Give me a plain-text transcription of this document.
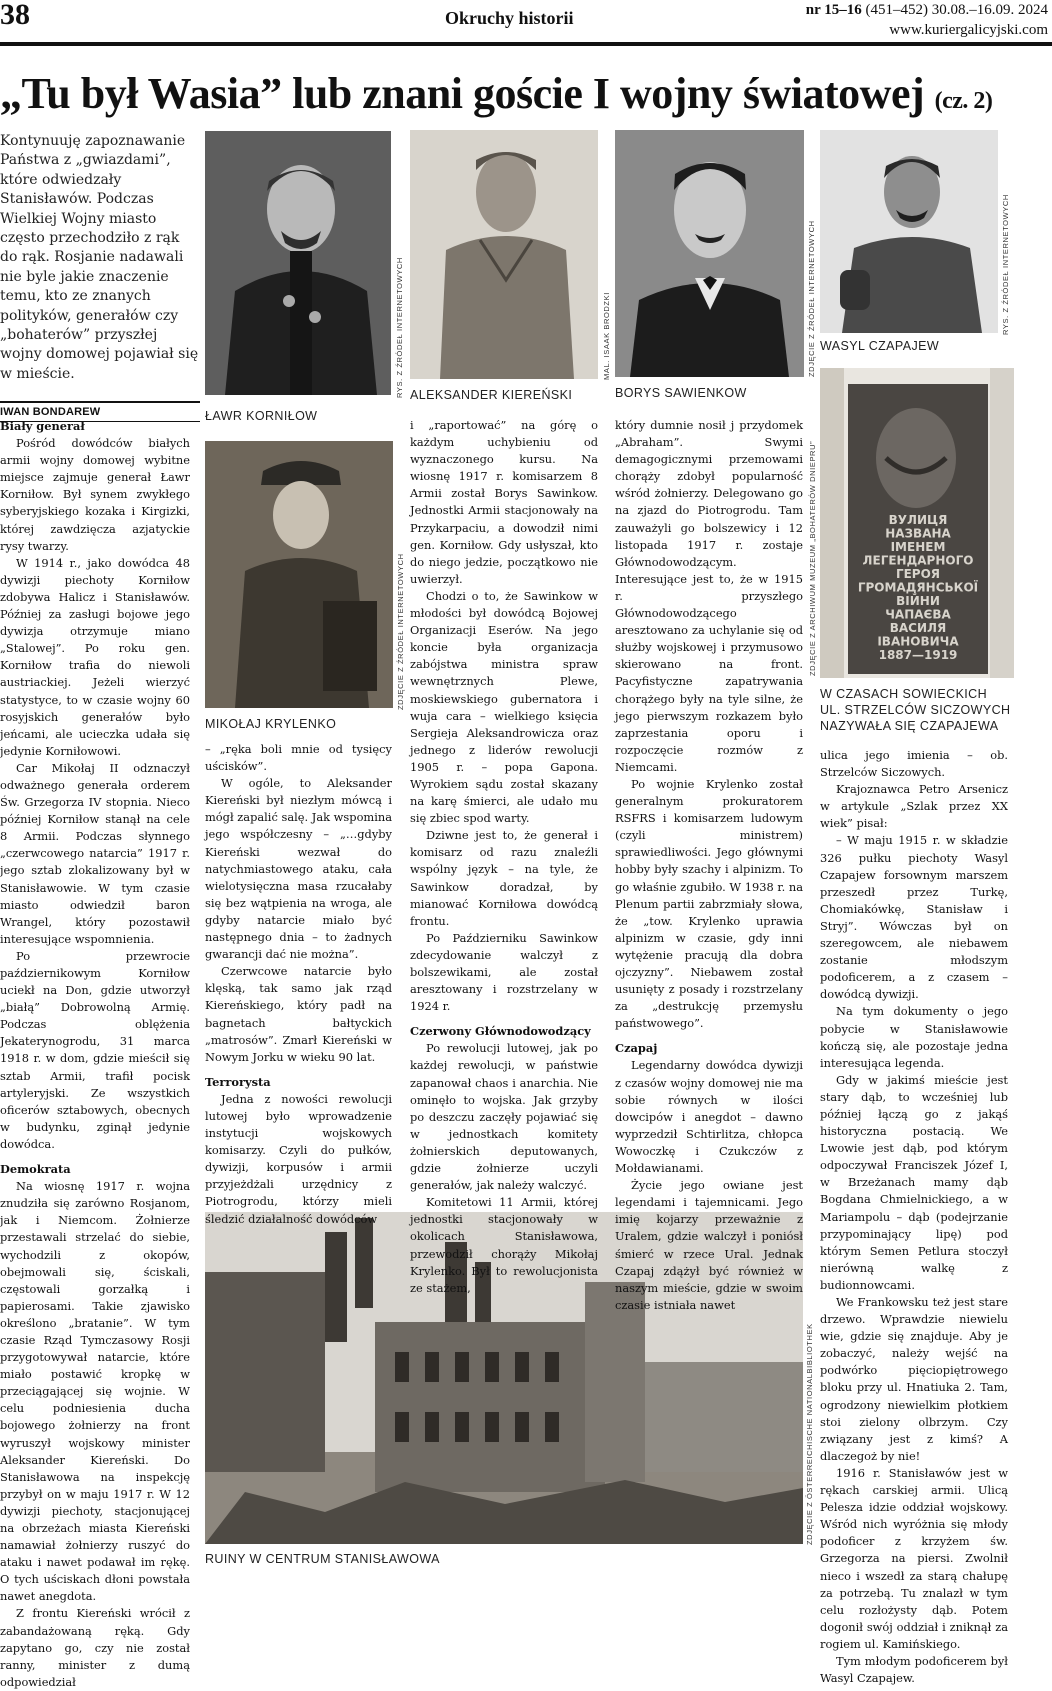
38	Okruchy historii	nr 15–16 (451–452) 30.08.–16.09. 2024
www.kuriergalicyjski.com
„Tu był Wasia” lub znani goście I wojny światowej (cz. 2)
Kontynuuję zapoznawanie Państwa z „gwiazdami”, które odwiedzały Stanisławów. Podczas Wielkiej Wojny miasto często przechodziło z rąk do rąk. Rosjanie nadawali nie byle jakie znaczenie temu, kto ze znanych polityków, generałów czy „bohaterów” przyszłej wojny domowej pojawiał się w mieście.
IWAN BONDAREW	ŁAWR KORNIŁOW
RYS. Z ŹRÓDEŁ INTERNETOWYCH ALEKSANDER KIEREŃSKI
MAL. ISAAK BRODZKI
BORYS SAWIENKOW
ZDJĘCIE Z ŹRÓDEŁ INTERNETOWYCH WASYL CZAPAJEW
RYS. Z ŹRÓDEŁ INTERNETOWYCH
MIKOŁAJ KRYLENKO
ZDJĘCIE Z ŹRÓDEŁ INTERNETOWYCH
ВУЛИЦЯ
НАЗВАНА
ІМЕНЕМ
ЛЕГЕНДАРНОГО
ГЕРОЯ
ГРОМАДЯНСЬКОЇ
ВІЙНИ
ЧАПАЄВА
ВАСИЛЯ
ІВАНОВИЧА
1887—1919
W CZASACH SOWIECKICH
UL. STRZELCÓW SICZOWYCH
NAZYWAŁA SIĘ CZAPAJEWA
ZDJĘCIE Z ARCHIWUM MUZEUM „BOHATERÓW DNIEPRU”
RUINY W CENTRUM STANISŁAWOWA
ZDJĘCIE Z ÖSTERREICHISCHE NATIONALBIBLIOTHEK
Biały generał

Pośród dowódców białych armii wojny domowej wybitne miejsce zajmuje generał Ławr Korniłow. Był synem zwykłego syberyjskiego kozaka i Kirgizki, której zawdzięcza azjatyckie rysy twarzy.

W 1914 r., jako dowódca 48 dywizji piechoty Korniłow zdobywa Halicz i Stanisławów. Później za zasługi bojowe jego dywizja otrzymuje miano „Stalowej”. Po roku gen. Korniłow trafia do niewoli austriackiej. Jeżeli wierzyć statystyce, to w czasie wojny 60 rosyjskich generałów było jeńcami, ale ucieczka udała się jedynie Korniłowowi.

Car Mikołaj II odznaczył odważnego generała orderem Św. Grzegorza IV stopnia. Nieco później Korniłow stanął na cele 8 Armii. Podczas słynnego „czerwcowego natarcia” 1917 r. jego sztab zlokalizowany był w Stanisławowie. W tym czasie miasto odwiedził baron Wrangel, który pozostawił interesujące wspomnienia.

Po przewrocie październikowym Korniłow uciekł na Don, gdzie utworzył „białą” Dobrowolną Armię. Podczas oblężenia Jekaterynogrodu, 31 marca 1918 r. w dom, gdzie mieścił się sztab Armii, trafił pocisk artyleryjski. Ze wszystkich oficerów sztabowych, obecnych w budynku, zginął jedynie dowódca.

Demokrata

Na wiosnę 1917 r. wojna znudziła się zarówno Rosjanom, jak i Niemcom. Żołnierze przestawali strzelać do siebie, wychodzili z okopów, obejmowali się, ściskali, częstowali gorzałką i papierosami. Takie zjawisko określono „bratanie”. W tym czasie Rząd Tymczasowy Rosji przygotowywał natarcie, które miało postawić kropkę w przeciągającej się wojnie. W celu podniesienia ducha bojowego żołnierzy na front wyruszył wojskowy minister Aleksander Kiereński. Do Stanisławowa na inspekcję przybył on w maju 1917 r. W 12 dywizji piechoty, stacjonującej na obrzeżach miasta Kiereński namawiał żołnierzy ruszyć do ataku i nawet podawał im rękę. O tych uściskach dłoni powstała nawet anegdota.

Z frontu Kiereński wrócił z zabandażowaną ręką. Gdy zapytano go, czy nie został ranny, minister z dumą odpowiedział

– „ręka boli mnie od tysięcy uścisków”.

W ogóle, to Aleksander Kiereński był niezłym mówcą i mógł zapalić salę. Jak wspomina jego współczesny – „…gdyby Kiereński wezwał do natychmiastowego ataku, cała wielotysięczna masa rzucałaby się bez wątpienia na wroga, ale gdyby natarcie miało być następnego dnia – to żadnych gwarancji dać nie można”.

Czerwcowe natarcie było klęską, tak samo jak rząd Kiereńskiego, który padł na bagnetach bałtyckich „matrosów”. Zmarł Kiereński w Nowym Jorku w wieku 90 lat.

Terrorysta

Jedna z nowości rewolucji lutowej było wprowadzenie instytucji wojskowych komisarzy. Czyli do pułków, dywizji, korpusów i armii przyjeżdżali urzędnicy z Piotrogrodu, którzy mieli śledzić działalność dowódców

i „raportować” na górę o każdym uchybieniu od wyznaczonego kursu. Na wiosnę 1917 r. komisarzem 8 Armii został Borys Sawinkow. Jednostki Armii stacjonowały na Przykarpaciu, a dowodził nimi gen. Korniłow. Gdy usłyszał, kto do niego jedzie, początkowo nie uwierzył.

Chodzi o to, że Sawinkow w młodości był dowódcą Bojowej Organizacji Eserów. Na jego koncie była organizacja zabójstwa ministra spraw wewnętrznych Plewe, moskiewskiego gubernatora i wuja cara – wielkiego księcia Sergieja Aleksandrowicza oraz jednego z liderów rewolucji 1905 r. – popa Gapona. Wyrokiem sądu został skazany na karę śmierci, ale udało mu się zbiec spod warty.

Dziwne jest to, że generał i komisarz od razu znaleźli wspólny język – na tyle, że Sawinkow doradzał, by mianować Korniłowa dowódcą frontu.

Po Październiku Sawinkow zdecydowanie walczył z bolszewikami, ale został aresztowany i rozstrzelany w 1924 r.

Czerwony Głównodowodzący

Po rewolucji lutowej, jak po każdej rewolucji, w państwie zapanował chaos i anarchia. Nie ominęło to wojska. Jak grzyby po deszczu zaczęły pojawiać się w jednostkach komitety żołnierskich deputowanych, gdzie żołnierze uczyli generałów, jak należy walczyć.

Komitetowi 11 Armii, której jednostki stacjonowały w okolicach Stanisławowa, przewodził chorąży Mikołaj Krylenko. Był to rewolucjonista ze stażem,

który dumnie nosił j przydomek „Abraham”. Swymi demagogicznymi przemowami chorąży zdobył popularność wśród żołnierzy. Delegowano go na zjazd do Piotrogrodu. Tam zauważyli go bolszewicy i 12 listopada 1917 r. zostaje Głównodowodzącym. Interesujące jest to, że w 1915 r. przyszłego Głównodowodzącego aresztowano za uchylanie się od służby wojskowej i przymusowo skierowano na front. Pacyfistyczne zapatrywania chorążego były na tyle silne, że jego pierwszym rozkazem było zaprzestania oporu i rozpoczęcie rozmów z Niemcami.

Po wojnie Krylenko został generalnym prokuratorem RSFRS i komisarzem ludowym (czyli ministrem) sprawiedliwości. Jego głównymi hobby były szachy i alpinizm. To go właśnie zgubiło. W 1938 r. na Plenum partii zabrzmiały słowa, że „tow. Krylenko uprawia alpinizm w czasie, gdy inni wytężenie pracują dla dobra ojczyzny”. Niebawem został usunięty z posady i rozstrzelany za „destrukcję przemysłu państwowego”.

Czapaj

Legendarny dowódca dywizji z czasów wojny domowej nie ma sobie równych w ilości dowcipów i anegdot – dawno wyprzedził Schtirlitza, chłopca Wowoczkę i Czukczów z Mołdawianami.

Życie jego owiane jest legendami i tajemnicami. Jego imię kojarzy przeważnie z Uralem, gdzie walczył i poniósł śmierć w rzece Ural. Jednak Czapaj zdążył być również w naszym mieście, gdzie w swoim czasie istniała nawet

ulica jego imienia – ob. Strzelców Siczowych.

Krajoznawca Petro Arsenicz w artykule „Szlak przez XX wiek” pisał:

– W maju 1915 r. w składzie 326 pułku piechoty Wasyl Czapajew forsownym marszem przeszedł przez Turkę, Chomiakówkę, Stanisław i Stryj”. Wówczas był on szeregowcem, ale niebawem zostanie młodszym podoficerem, a z czasem – dowódcą dywizji.

Na tym dokumenty o jego pobycie w Stanisławowie kończą się, ale pozostaje jedna interesująca legenda.

Gdy w jakimś mieście jest stary dąb, to wcześniej lub później łączą go z jakąś historyczna postacią. We Lwowie jest dąb, pod którym odpoczywał Franciszek Józef I, w Brzeżanach mamy dąb Bogdana Chmielnickiego, a w Mariampolu – dąb (podejrzanie przypominający lipę) pod którym Semen Petlura stoczył nierówną walkę z budionnowcami.

We Frankowsku też jest stare drzewo. Wprawdzie niewielu wie, gdzie się znajduje. Aby je zobaczyć, należy wejść na podwórko pięciopiętrowego bloku przy ul. Hnatiuka 2. Tam, ogrodzony niewielkim płotkiem stoi zielony olbrzym. Czy związany jest z kimś? A dlaczegoż by nie!

1916 r. Stanisławów jest w rękach carskiej armii. Ulicą Pelesza idzie oddział wojskowy. Wśród nich wyróżnia się młody podoficer z krzyżem św. Grzegorza na piersi. Zwolnił nieco i wszedł za starą chałupę za potrzebą. Tu znalazł w tym celu rozłożysty dąb. Potem dogonił swój oddział i zniknął za rogiem ul. Kamińskiego.

Tym młodym podoficerem był Wasyl Czapajew.
